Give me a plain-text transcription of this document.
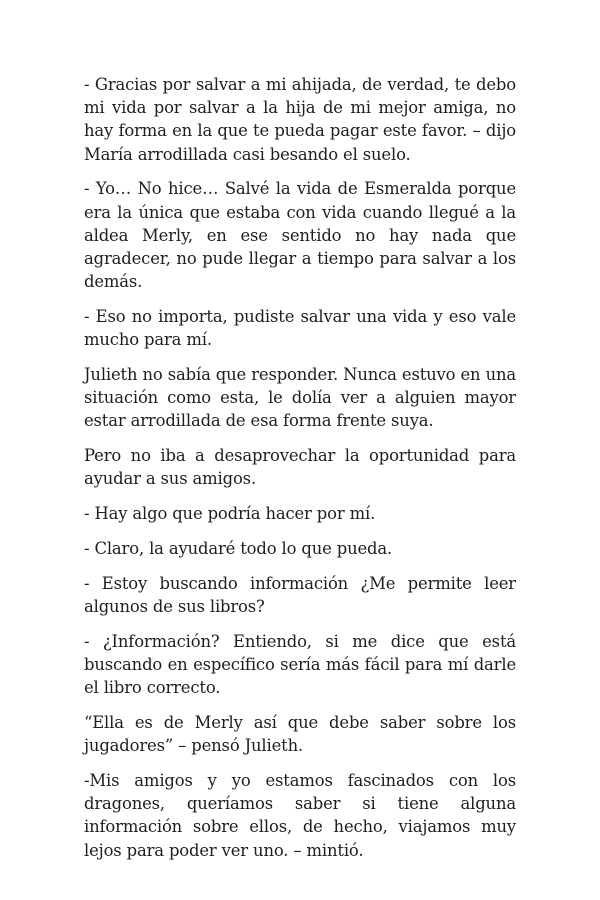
- Gracias por salvar a mi ahijada, de verdad, te debo mi vida por salvar a la hija de mi mejor amiga, no hay forma en la que te pueda pagar este favor. – dijo María arrodillada casi besando el suelo.

- Yo… No hice… Salvé la vida de Esmeralda porque era la única que estaba con vida cuando llegué a la aldea Merly, en ese sentido no hay nada que agradecer, no pude llegar a tiempo para salvar a los demás.

- Eso no importa, pudiste salvar una vida y eso vale mucho para mí.

Julieth no sabía que responder. Nunca estuvo en una situación como esta, le dolía ver a alguien mayor estar arrodillada de esa forma frente suya.

Pero no iba a desaprovechar la oportunidad para ayudar a sus amigos.

- Hay algo que podría hacer por mí.

- Claro, la ayudaré todo lo que pueda.

- Estoy buscando información ¿Me permite leer algunos de sus libros?

- ¿Información? Entiendo, si me dice que está buscando en específico sería más fácil para mí darle el libro correcto.

“Ella es de Merly así que debe saber sobre los jugadores” – pensó Julieth.

-Mis amigos y yo estamos fascinados con los dragones, queríamos saber si tiene alguna información sobre ellos, de hecho, viajamos muy lejos para poder ver uno. – mintió.
